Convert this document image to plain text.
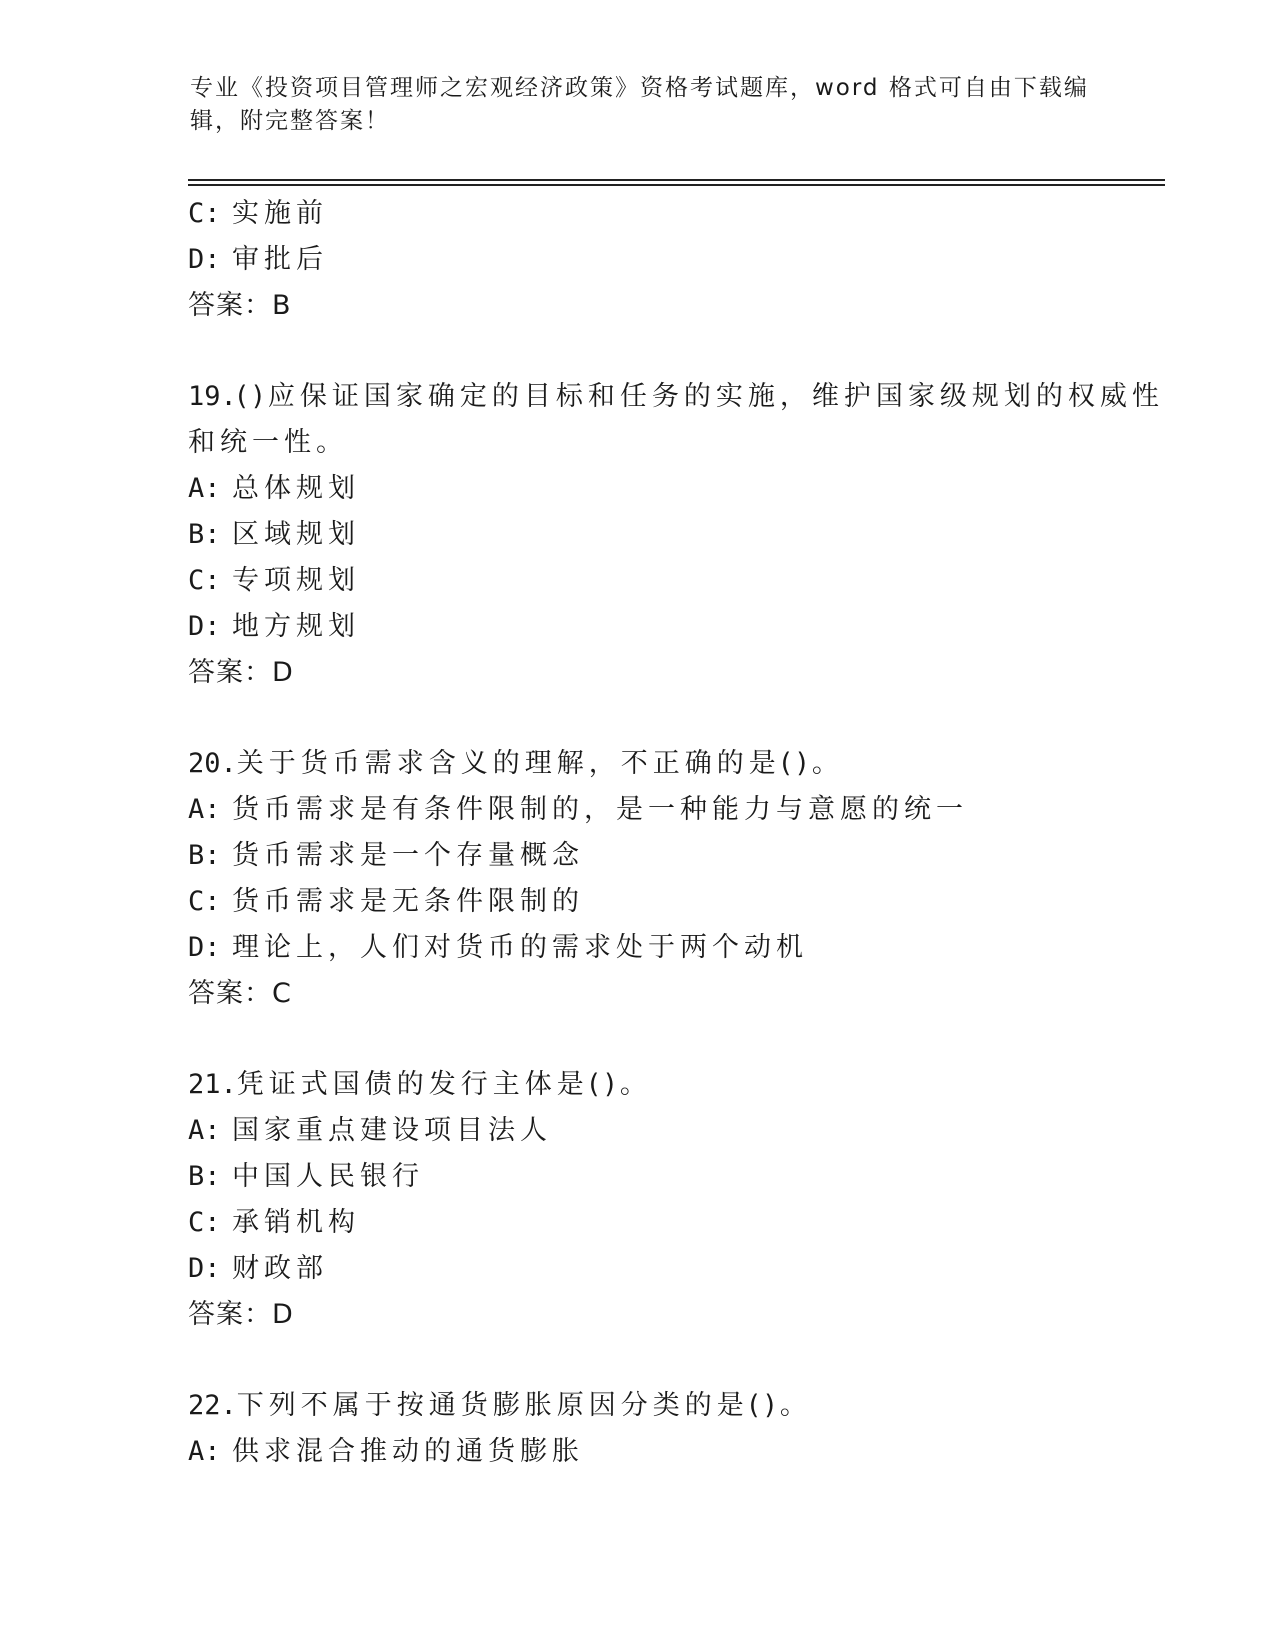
专业《投资项目管理师之宏观经济政策》资格考试题库，word 格式可自由下载编
辑，附完整答案！
C: 实施前
D: 审批后
答案：B
19.()应保证国家确定的目标和任务的实施，维护国家级规划的权威性
和统一性。
A: 总体规划
B: 区域规划
C: 专项规划
D: 地方规划
答案：D
20.关于货币需求含义的理解，不正确的是()。
A: 货币需求是有条件限制的，是一种能力与意愿的统一
B: 货币需求是一个存量概念
C: 货币需求是无条件限制的
D: 理论上，人们对货币的需求处于两个动机
答案：C
21.凭证式国债的发行主体是()。
A: 国家重点建设项目法人
B: 中国人民银行
C: 承销机构
D: 财政部
答案：D
22.下列不属于按通货膨胀原因分类的是()。
A: 供求混合推动的通货膨胀
